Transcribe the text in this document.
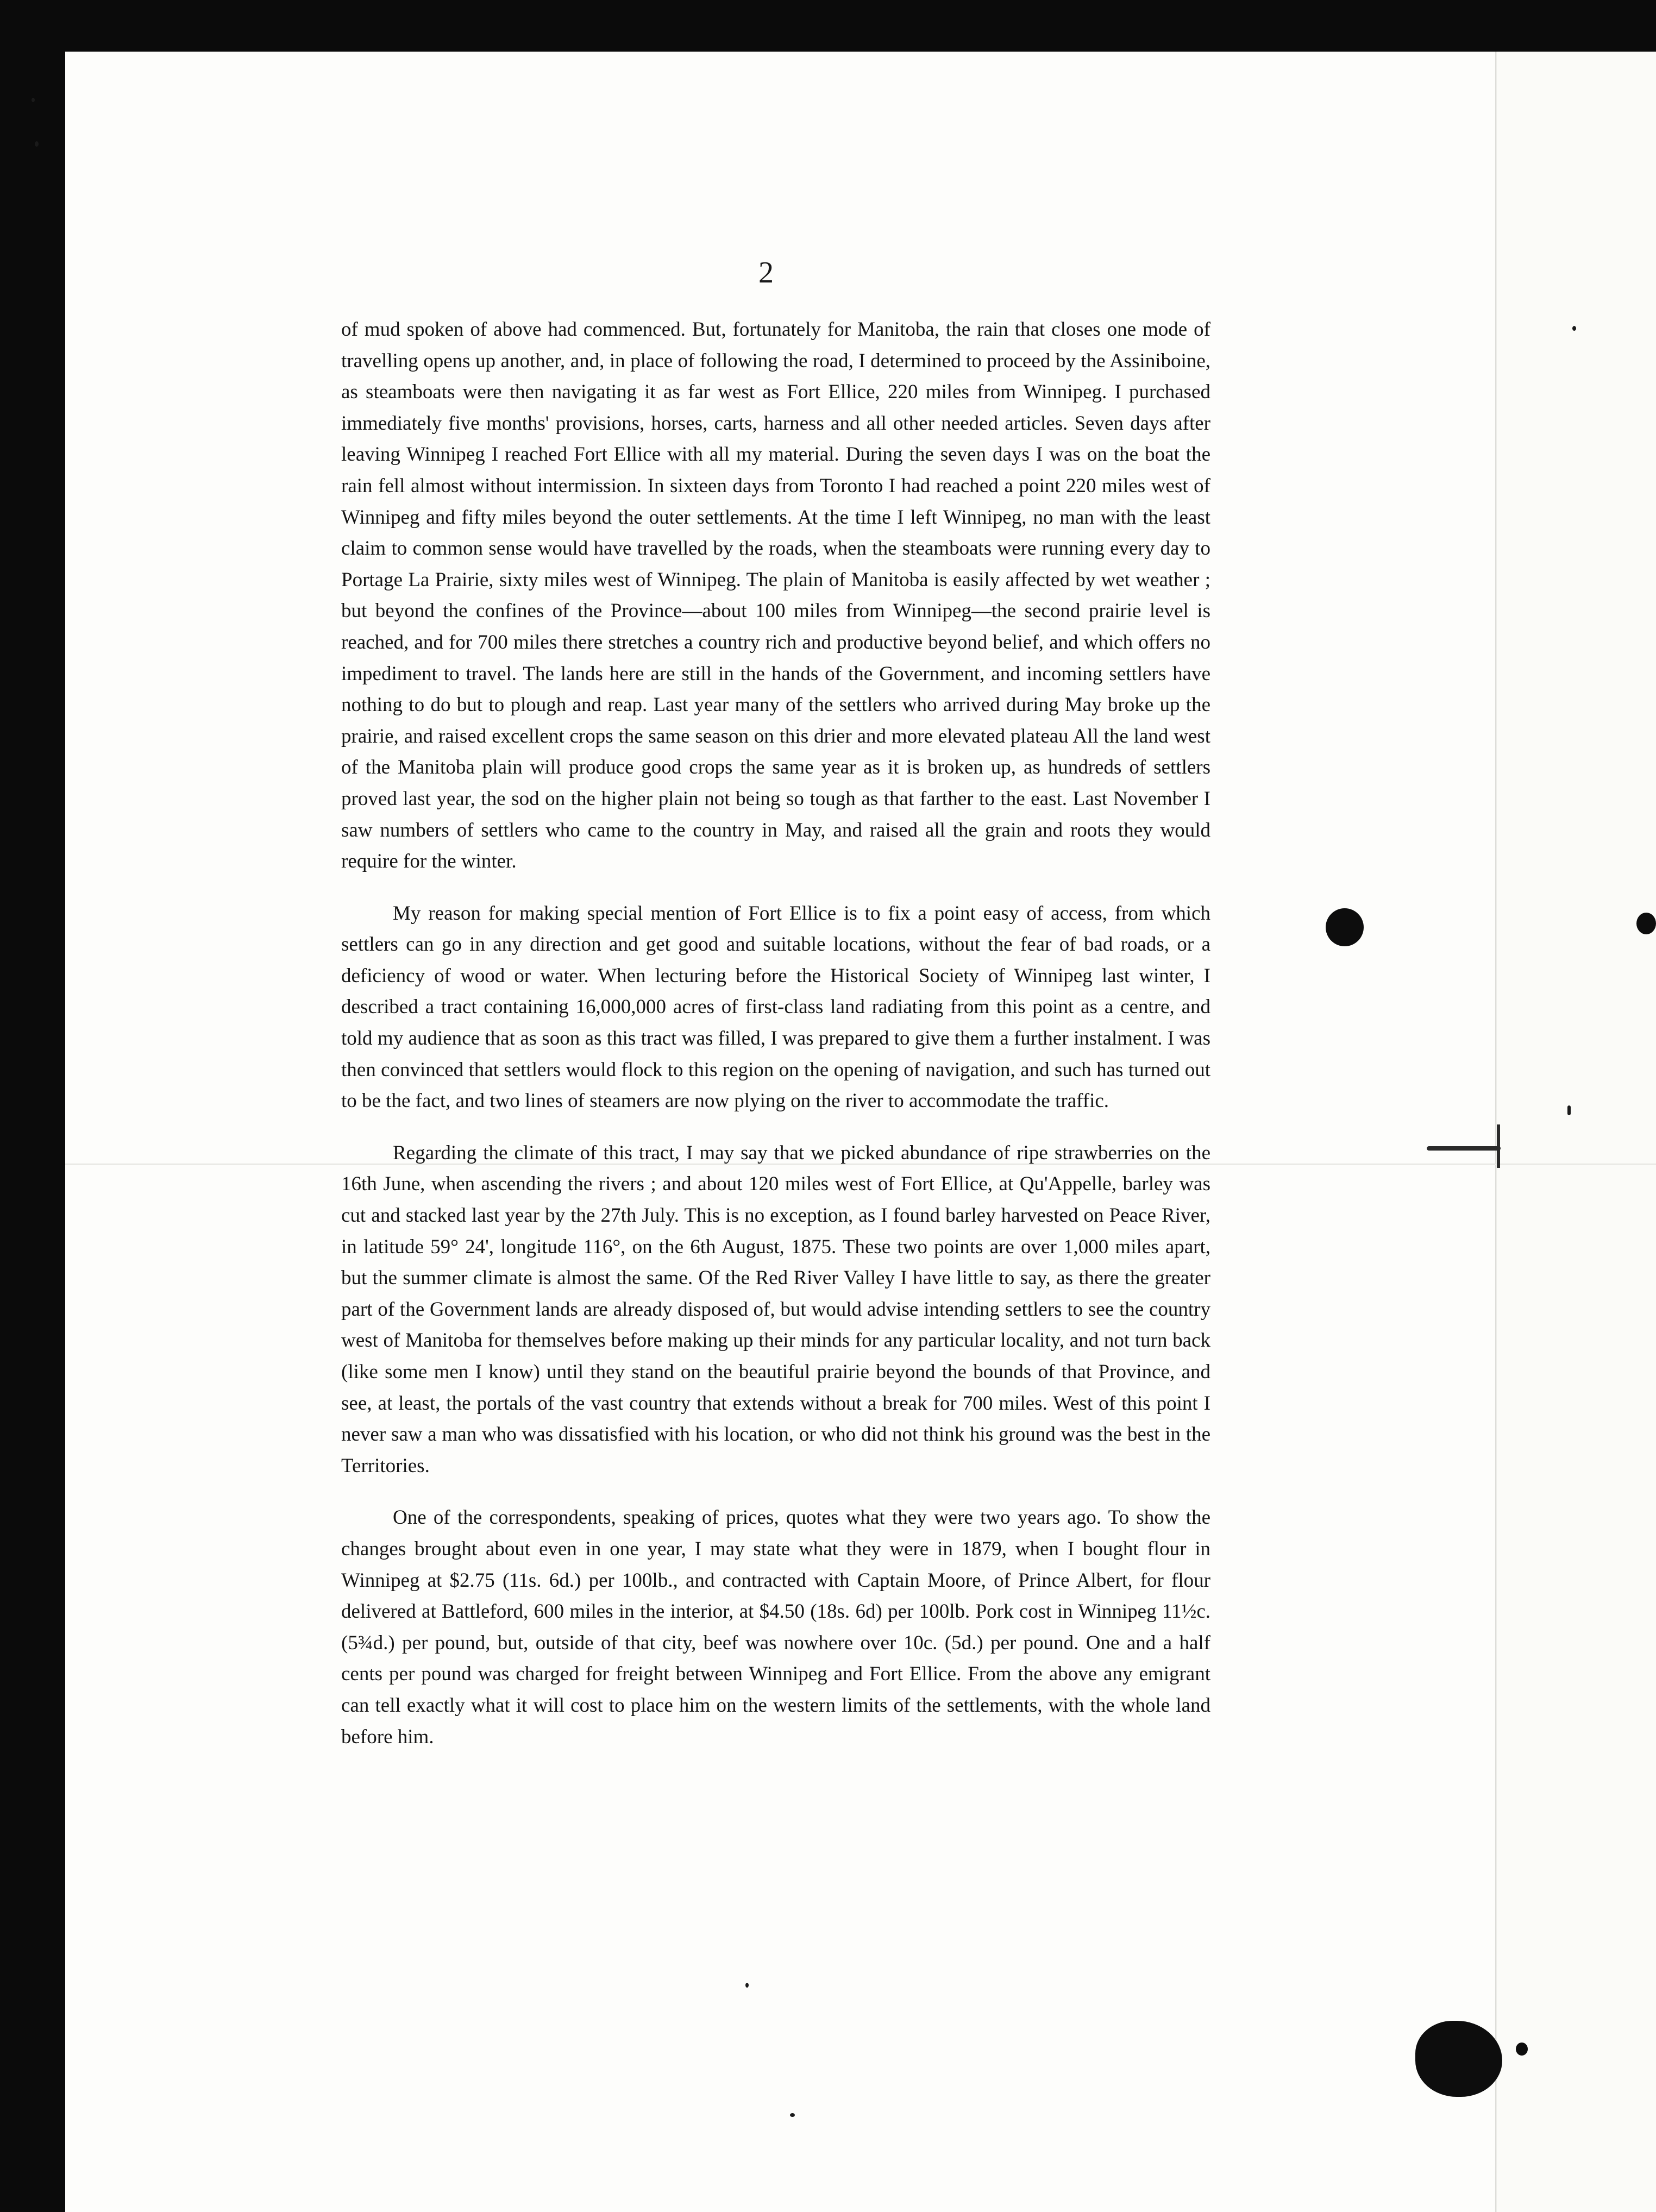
2

of mud spoken of above had commenced. But, fortunately for Manitoba, the rain that closes one mode of travelling opens up another, and, in place of following the road, I determined to proceed by the Assiniboine, as steamboats were then navigating it as far west as Fort Ellice, 220 miles from Winnipeg. I purchased immediately five months' provisions, horses, carts, harness and all other needed articles. Seven days after leaving Winnipeg I reached Fort Ellice with all my material. During the seven days I was on the boat the rain fell almost without intermission. In sixteen days from Toronto I had reached a point 220 miles west of Winnipeg and fifty miles beyond the outer settlements. At the time I left Winnipeg, no man with the least claim to common sense would have travelled by the roads, when the steamboats were running every day to Portage La Prairie, sixty miles west of Winnipeg. The plain of Manitoba is easily affected by wet weather ; but beyond the confines of the Province—about 100 miles from Winnipeg—the second prairie level is reached, and for 700 miles there stretches a country rich and productive beyond belief, and which offers no impediment to travel. The lands here are still in the hands of the Government, and incoming settlers have nothing to do but to plough and reap. Last year many of the settlers who arrived during May broke up the prairie, and raised excellent crops the same season on this drier and more elevated plateau All the land west of the Manitoba plain will produce good crops the same year as it is broken up, as hundreds of settlers proved last year, the sod on the higher plain not being so tough as that farther to the east. Last November I saw numbers of settlers who came to the country in May, and raised all the grain and roots they would require for the winter.

My reason for making special mention of Fort Ellice is to fix a point easy of access, from which settlers can go in any direction and get good and suitable locations, without the fear of bad roads, or a deficiency of wood or water. When lecturing before the Historical Society of Winnipeg last winter, I described a tract containing 16,000,000 acres of first-class land radiating from this point as a centre, and told my audience that as soon as this tract was filled, I was prepared to give them a further instalment. I was then convinced that settlers would flock to this region on the opening of navigation, and such has turned out to be the fact, and two lines of steamers are now plying on the river to accommodate the traffic.

Regarding the climate of this tract, I may say that we picked abundance of ripe strawberries on the 16th June, when ascending the rivers ; and about 120 miles west of Fort Ellice, at Qu'Appelle, barley was cut and stacked last year by the 27th July. This is no exception, as I found barley harvested on Peace River, in latitude 59° 24', longitude 116°, on the 6th August, 1875. These two points are over 1,000 miles apart, but the summer climate is almost the same. Of the Red River Valley I have little to say, as there the greater part of the Government lands are already disposed of, but would advise intending settlers to see the country west of Manitoba for themselves before making up their minds for any particular locality, and not turn back (like some men I know) until they stand on the beautiful prairie beyond the bounds of that Province, and see, at least, the portals of the vast country that extends without a break for 700 miles. West of this point I never saw a man who was dissatisfied with his location, or who did not think his ground was the best in the Territories.

One of the correspondents, speaking of prices, quotes what they were two years ago. To show the changes brought about even in one year, I may state what they were in 1879, when I bought flour in Winnipeg at $2.75 (11s. 6d.) per 100lb., and contracted with Captain Moore, of Prince Albert, for flour delivered at Battleford, 600 miles in the interior, at $4.50 (18s. 6d) per 100lb. Pork cost in Winnipeg 11½c. (5¾d.) per pound, but, outside of that city, beef was nowhere over 10c. (5d.) per pound. One and a half cents per pound was charged for freight between Winnipeg and Fort Ellice. From the above any emigrant can tell exactly what it will cost to place him on the western limits of the settlements, with the whole land before him.
